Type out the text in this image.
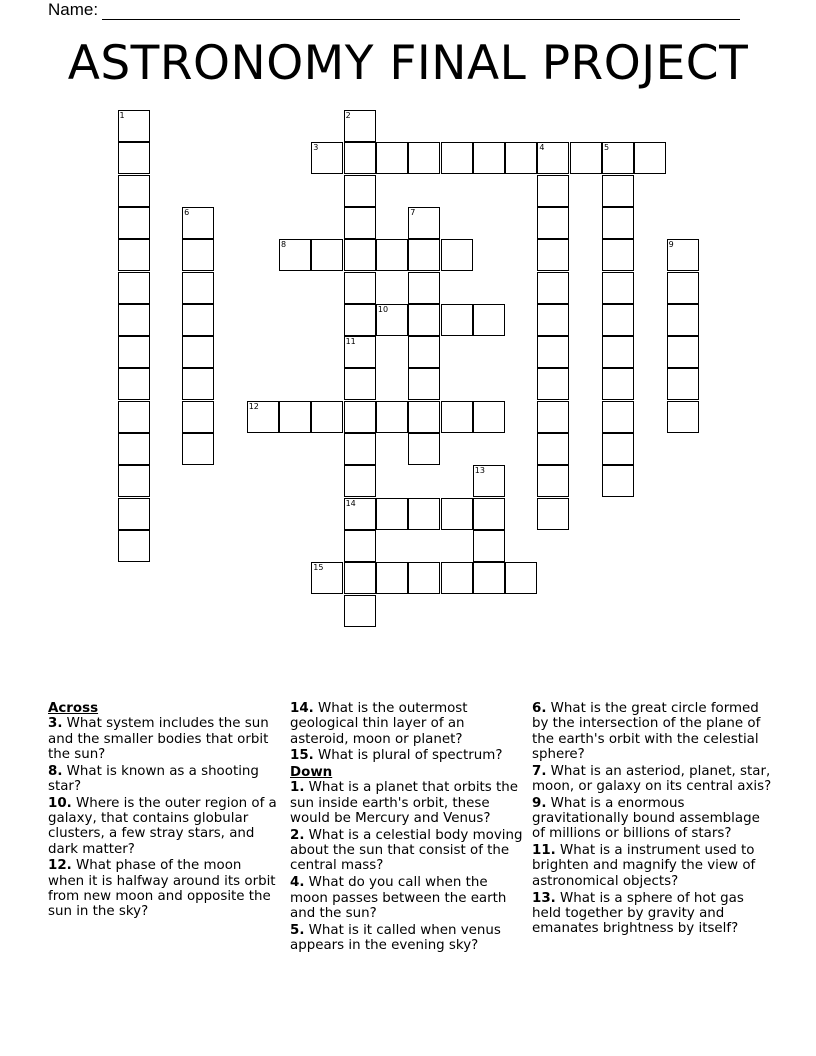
Name:
ASTRONOMY FINAL PROJECT
1	2
11
3	4	5
6	7
8	9
10
14
12
13
15
Across
3. What system includes the sun and the smaller bodies that orbit the sun?
8. What is known as a shooting star?
10. Where is the outer region of a galaxy, that contains globular clusters, a few stray stars, and dark matter?
12. What phase of the moon when it is halfway around its orbit from new moon and opposite the sun in the sky?
14. What is the outermost geological thin layer of an asteroid, moon or planet?
15. What is plural of spectrum?
Down
1. What is a planet that orbits the sun inside earth's orbit, these would be Mercury and Venus?
2. What is a celestial body moving about the sun that consist of the central mass?
4. What do you call when the moon passes between the earth and the sun?
5. What is it called when venus appears in the evening sky?
6. What is the great circle formed by the intersection of the plane of the earth's orbit with the celestial sphere?
7. What is an asteriod, planet, star, moon, or galaxy on its central axis?
9. What is a enormous gravitationally bound assemblage of millions or billions of stars?
11. What is a instrument used to brighten and magnify the view of astronomical objects?
13. What is a sphere of hot gas held together by gravity and emanates brightness by itself?
